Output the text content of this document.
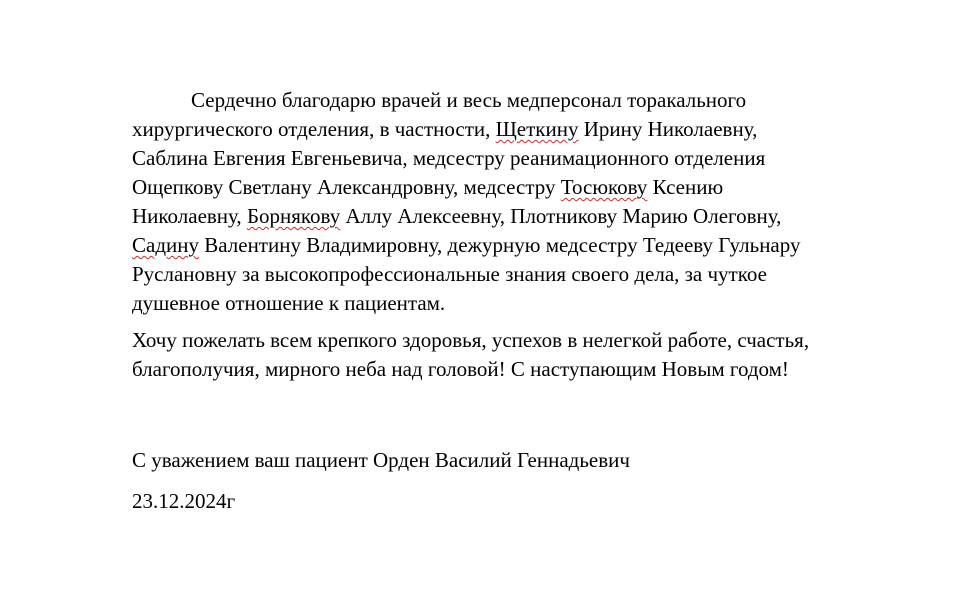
Сердечно благодарю врачей и весь медперсонал торакального
хирургического отделения, в частности, Щеткину Ирину Николаевну,
Саблина Евгения Евгеньевича, медсестру реанимационного отделения
Ощепкову Светлану Александровну, медсестру Тосюкову Ксению
Николаевну, Борнякову Аллу Алексеевну, Плотникову Марию Олеговну,
Садину Валентину Владимировну, дежурную медсестру Тедееву Гульнару
Руслановну за высокопрофессиональные знания своего дела, за чуткое
душевное отношение к пациентам.

Хочу пожелать всем крепкого здоровья, успехов в нелегкой работе, счастья,
благополучия, мирного неба над головой! С наступающим Новым годом!

С уважением ваш пациент Орден Василий Геннадьевич
23.12.2024г
